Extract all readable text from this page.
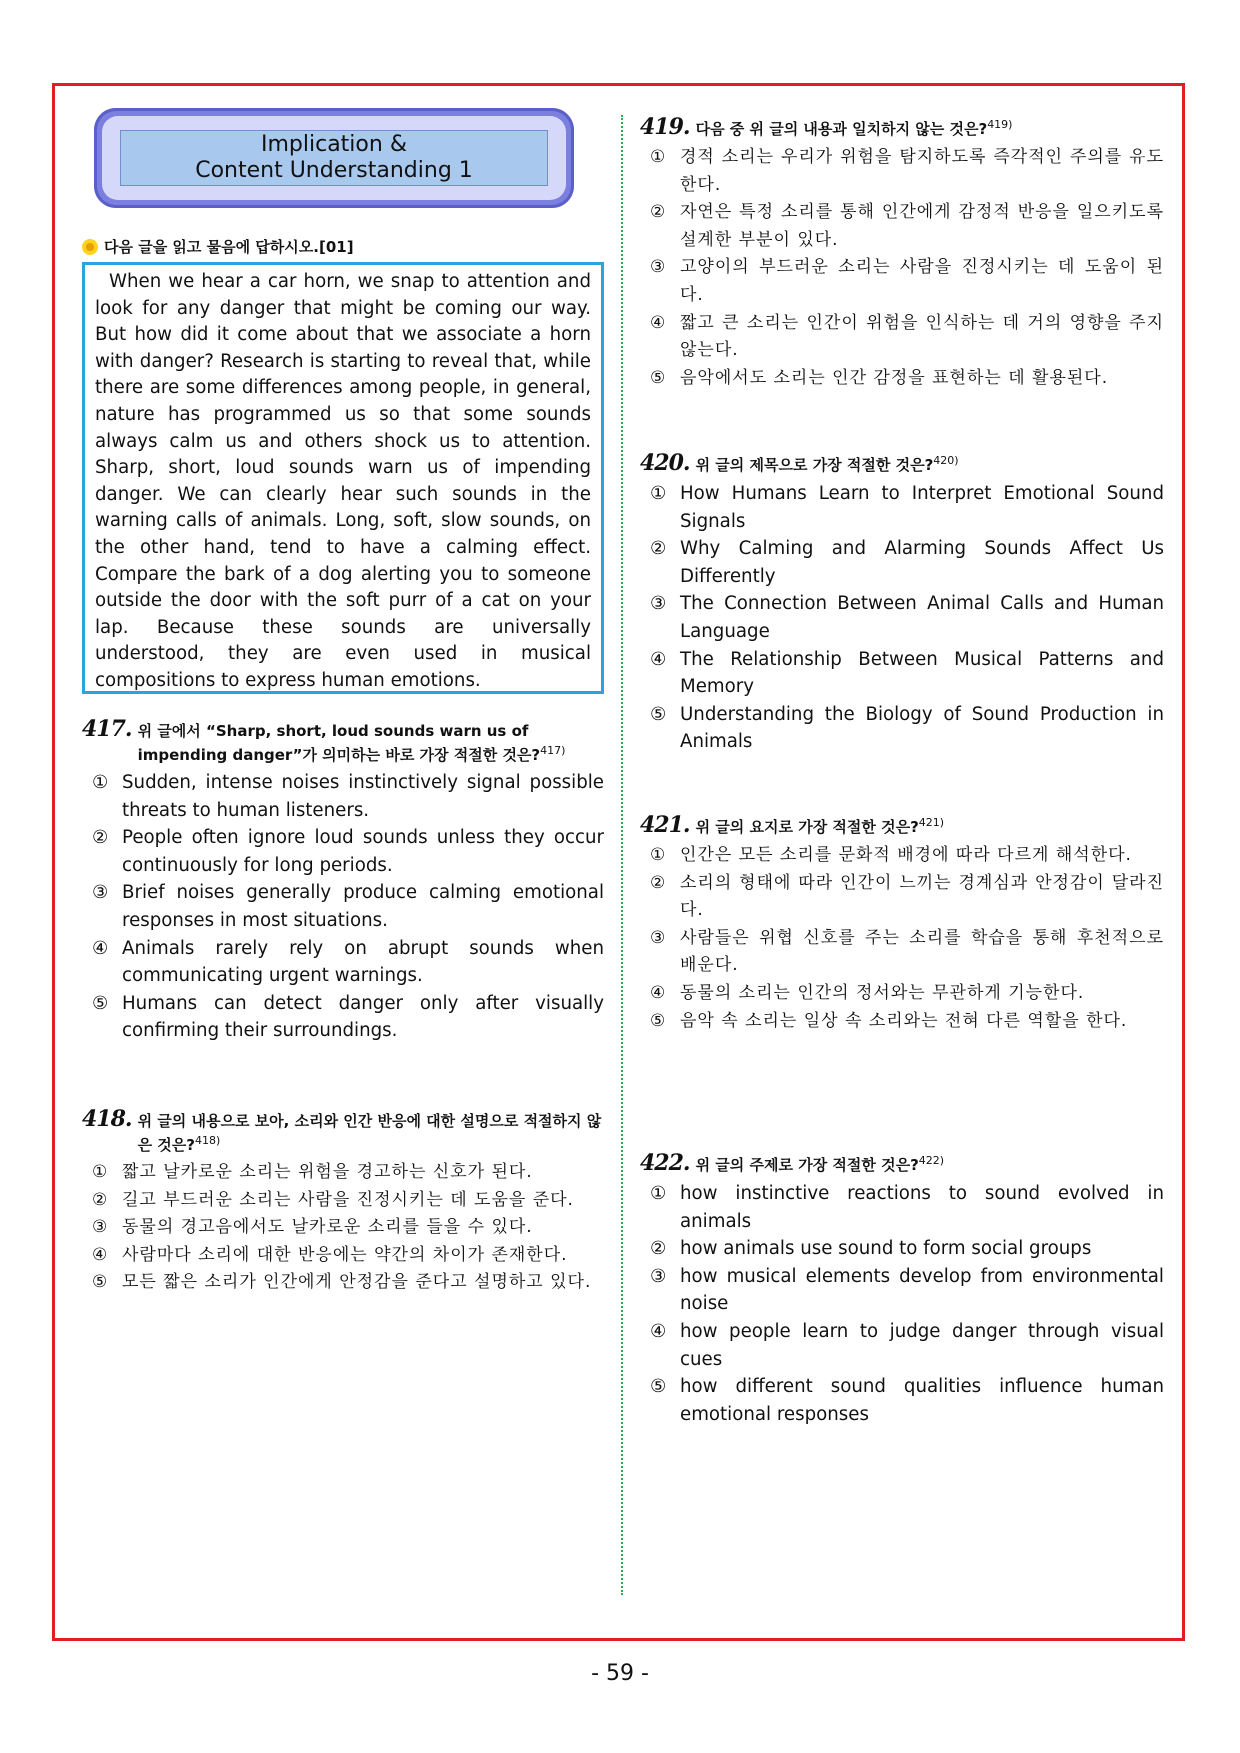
Implication &
Content Understanding 1
다음 글을 읽고 물음에 답하시오.[01]
When we hear a car horn, we snap to attention and look for any danger that might be coming our way. But how did it come about that we associate a horn with danger? Research is starting to reveal that, while there are some differences among people, in general, nature has programmed us so that some sounds always calm us and others shock us to attention. Sharp, short, loud sounds warn us of impending danger. We can clearly hear such sounds in the warning calls of animals. Long, soft, slow sounds, on the other hand, tend to have a calming effect. Compare the bark of a dog alerting you to someone outside the door with the soft purr of a cat on your lap. Because these sounds are universally understood, they are even used in musical compositions to express human emotions.
417. 위 글에서 “Sharp, short, loud sounds warn us of impending danger”가 의미하는 바로 가장 적절한 것은?$^{417)}$
① Sudden, intense noises instinctively signal possible threats to human listeners.
② People often ignore loud sounds unless they occur continuously for long periods.
③ Brief noises generally produce calming emotional responses in most situations.
④ Animals rarely rely on abrupt sounds when communicating urgent warnings.
⑤ Humans can detect danger only after visually confirming their surroundings.
418. 위 글의 내용으로 보아, 소리와 인간 반응에 대한 설명으로 적절하지 않은 것은?$^{418)}$
① 짧고 날카로운 소리는 위험을 경고하는 신호가 된다.
② 길고 부드러운 소리는 사람을 진정시키는 데 도움을 준다.
③ 동물의 경고음에서도 날카로운 소리를 들을 수 있다.
④ 사람마다 소리에 대한 반응에는 약간의 차이가 존재한다.
⑤ 모든 짧은 소리가 인간에게 안정감을 준다고 설명하고 있다.
419. 다음 중 위 글의 내용과 일치하지 않는 것은?$^{419)}$
① 경적 소리는 우리가 위험을 탐지하도록 즉각적인 주의를 유도한다.
② 자연은 특정 소리를 통해 인간에게 감정적 반응을 일으키도록 설계한 부분이 있다.
③ 고양이의 부드러운 소리는 사람을 진정시키는 데 도움이 된다.
④ 짧고 큰 소리는 인간이 위험을 인식하는 데 거의 영향을 주지 않는다.
⑤ 음악에서도 소리는 인간 감정을 표현하는 데 활용된다.
420. 위 글의 제목으로 가장 적절한 것은?$^{420)}$
① How Humans Learn to Interpret Emotional Sound Signals
② Why Calming and Alarming Sounds Affect Us Differently
③ The Connection Between Animal Calls and Human Language
④ The Relationship Between Musical Patterns and Memory
⑤ Understanding the Biology of Sound Production in Animals
421. 위 글의 요지로 가장 적절한 것은?$^{421)}$
① 인간은 모든 소리를 문화적 배경에 따라 다르게 해석한다.
② 소리의 형태에 따라 인간이 느끼는 경계심과 안정감이 달라진다.
③ 사람들은 위협 신호를 주는 소리를 학습을 통해 후천적으로 배운다.
④ 동물의 소리는 인간의 정서와는 무관하게 기능한다.
⑤ 음악 속 소리는 일상 속 소리와는 전혀 다른 역할을 한다.
422. 위 글의 주제로 가장 적절한 것은?$^{422)}$
① how instinctive reactions to sound evolved in animals
② how animals use sound to form social groups
③ how musical elements develop from environmental noise
④ how people learn to judge danger through visual cues
⑤ how different sound qualities influence human emotional responses
- 59 -
